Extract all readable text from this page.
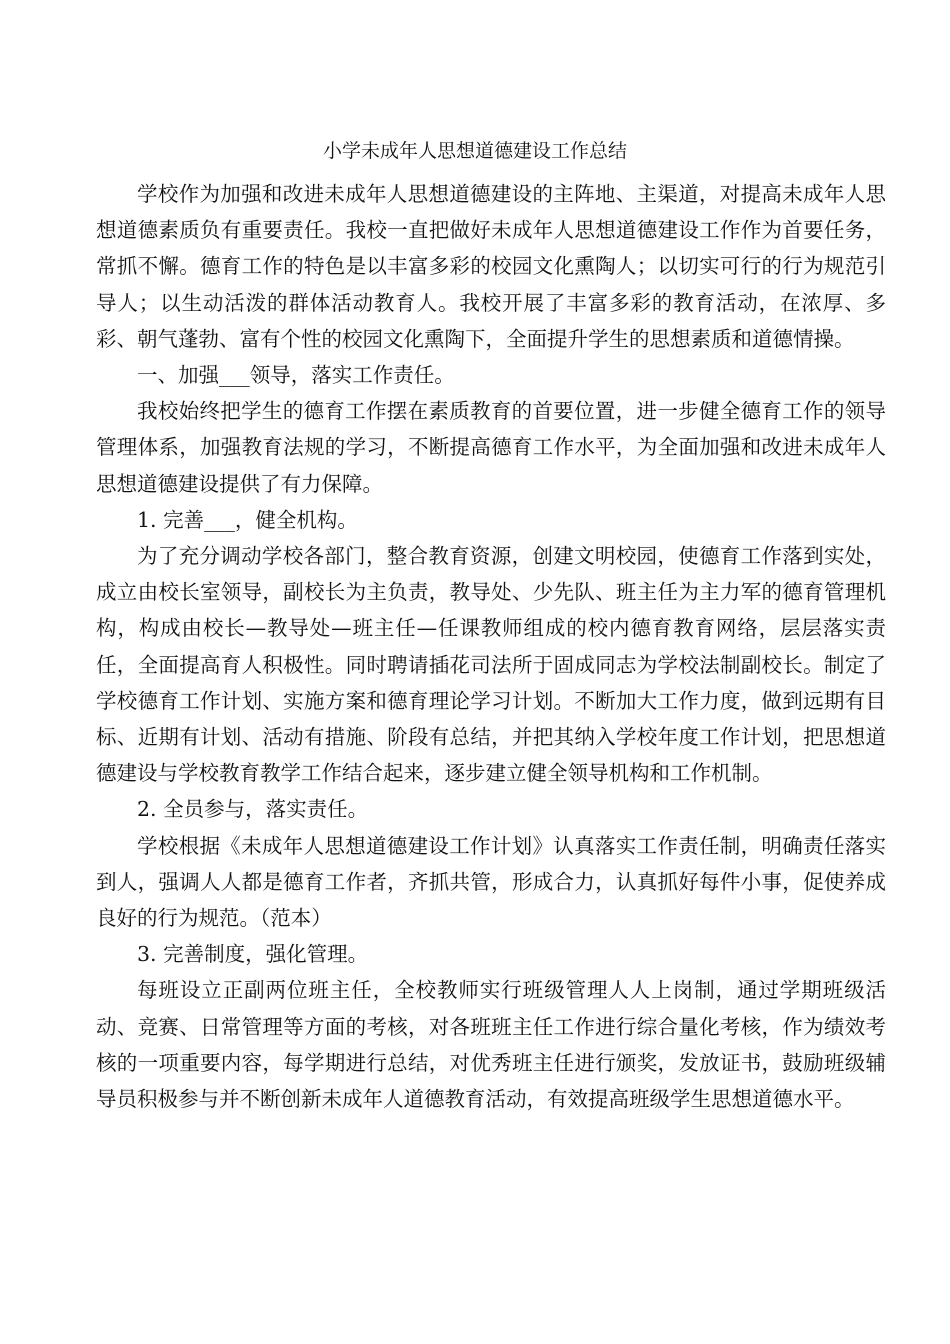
小学未成年人思想道德建设工作总结

学校作为加强和改进未成年人思想道德建设的主阵地、主渠道，对提高未成年人思想道德素质负有重要责任。我校一直把做好未成年人思想道德建设工作作为首要任务，常抓不懈。德育工作的特色是以丰富多彩的校园文化熏陶人；以切实可行的行为规范引导人；以生动活泼的群体活动教育人。我校开展了丰富多彩的教育活动，在浓厚、多彩、朝气蓬勃、富有个性的校园文化熏陶下，全面提升学生的思想素质和道德情操。

一、加强___领导，落实工作责任。

我校始终把学生的德育工作摆在素质教育的首要位置，进一步健全德育工作的领导管理体系，加强教育法规的学习，不断提高德育工作水平，为全面加强和改进未成年人思想道德建设提供了有力保障。

1. 完善___，健全机构。

为了充分调动学校各部门，整合教育资源，创建文明校园，使德育工作落到实处，成立由校长室领导，副校长为主负责，教导处、少先队、班主任为主力军的德育管理机构，构成由校长—教导处—班主任—任课教师组成的校内德育教育网络，层层落实责任，全面提高育人积极性。同时聘请插花司法所于固成同志为学校法制副校长。制定了学校德育工作计划、实施方案和德育理论学习计划。不断加大工作力度，做到远期有目标、近期有计划、活动有措施、阶段有总结，并把其纳入学校年度工作计划，把思想道德建设与学校教育教学工作结合起来，逐步建立健全领导机构和工作机制。

2. 全员参与，落实责任。

学校根据《未成年人思想道德建设工作计划》认真落实工作责任制，明确责任落实到人，强调人人都是德育工作者，齐抓共管，形成合力，认真抓好每件小事，促使养成良好的行为规范。（范本）

3. 完善制度，强化管理。

每班设立正副两位班主任，全校教师实行班级管理人人上岗制，通过学期班级活动、竞赛、日常管理等方面的考核，对各班班主任工作进行综合量化考核，作为绩效考核的一项重要内容，每学期进行总结，对优秀班主任进行颁奖，发放证书，鼓励班级辅导员积极参与并不断创新未成年人道德教育活动，有效提高班级学生思想道德水平。
